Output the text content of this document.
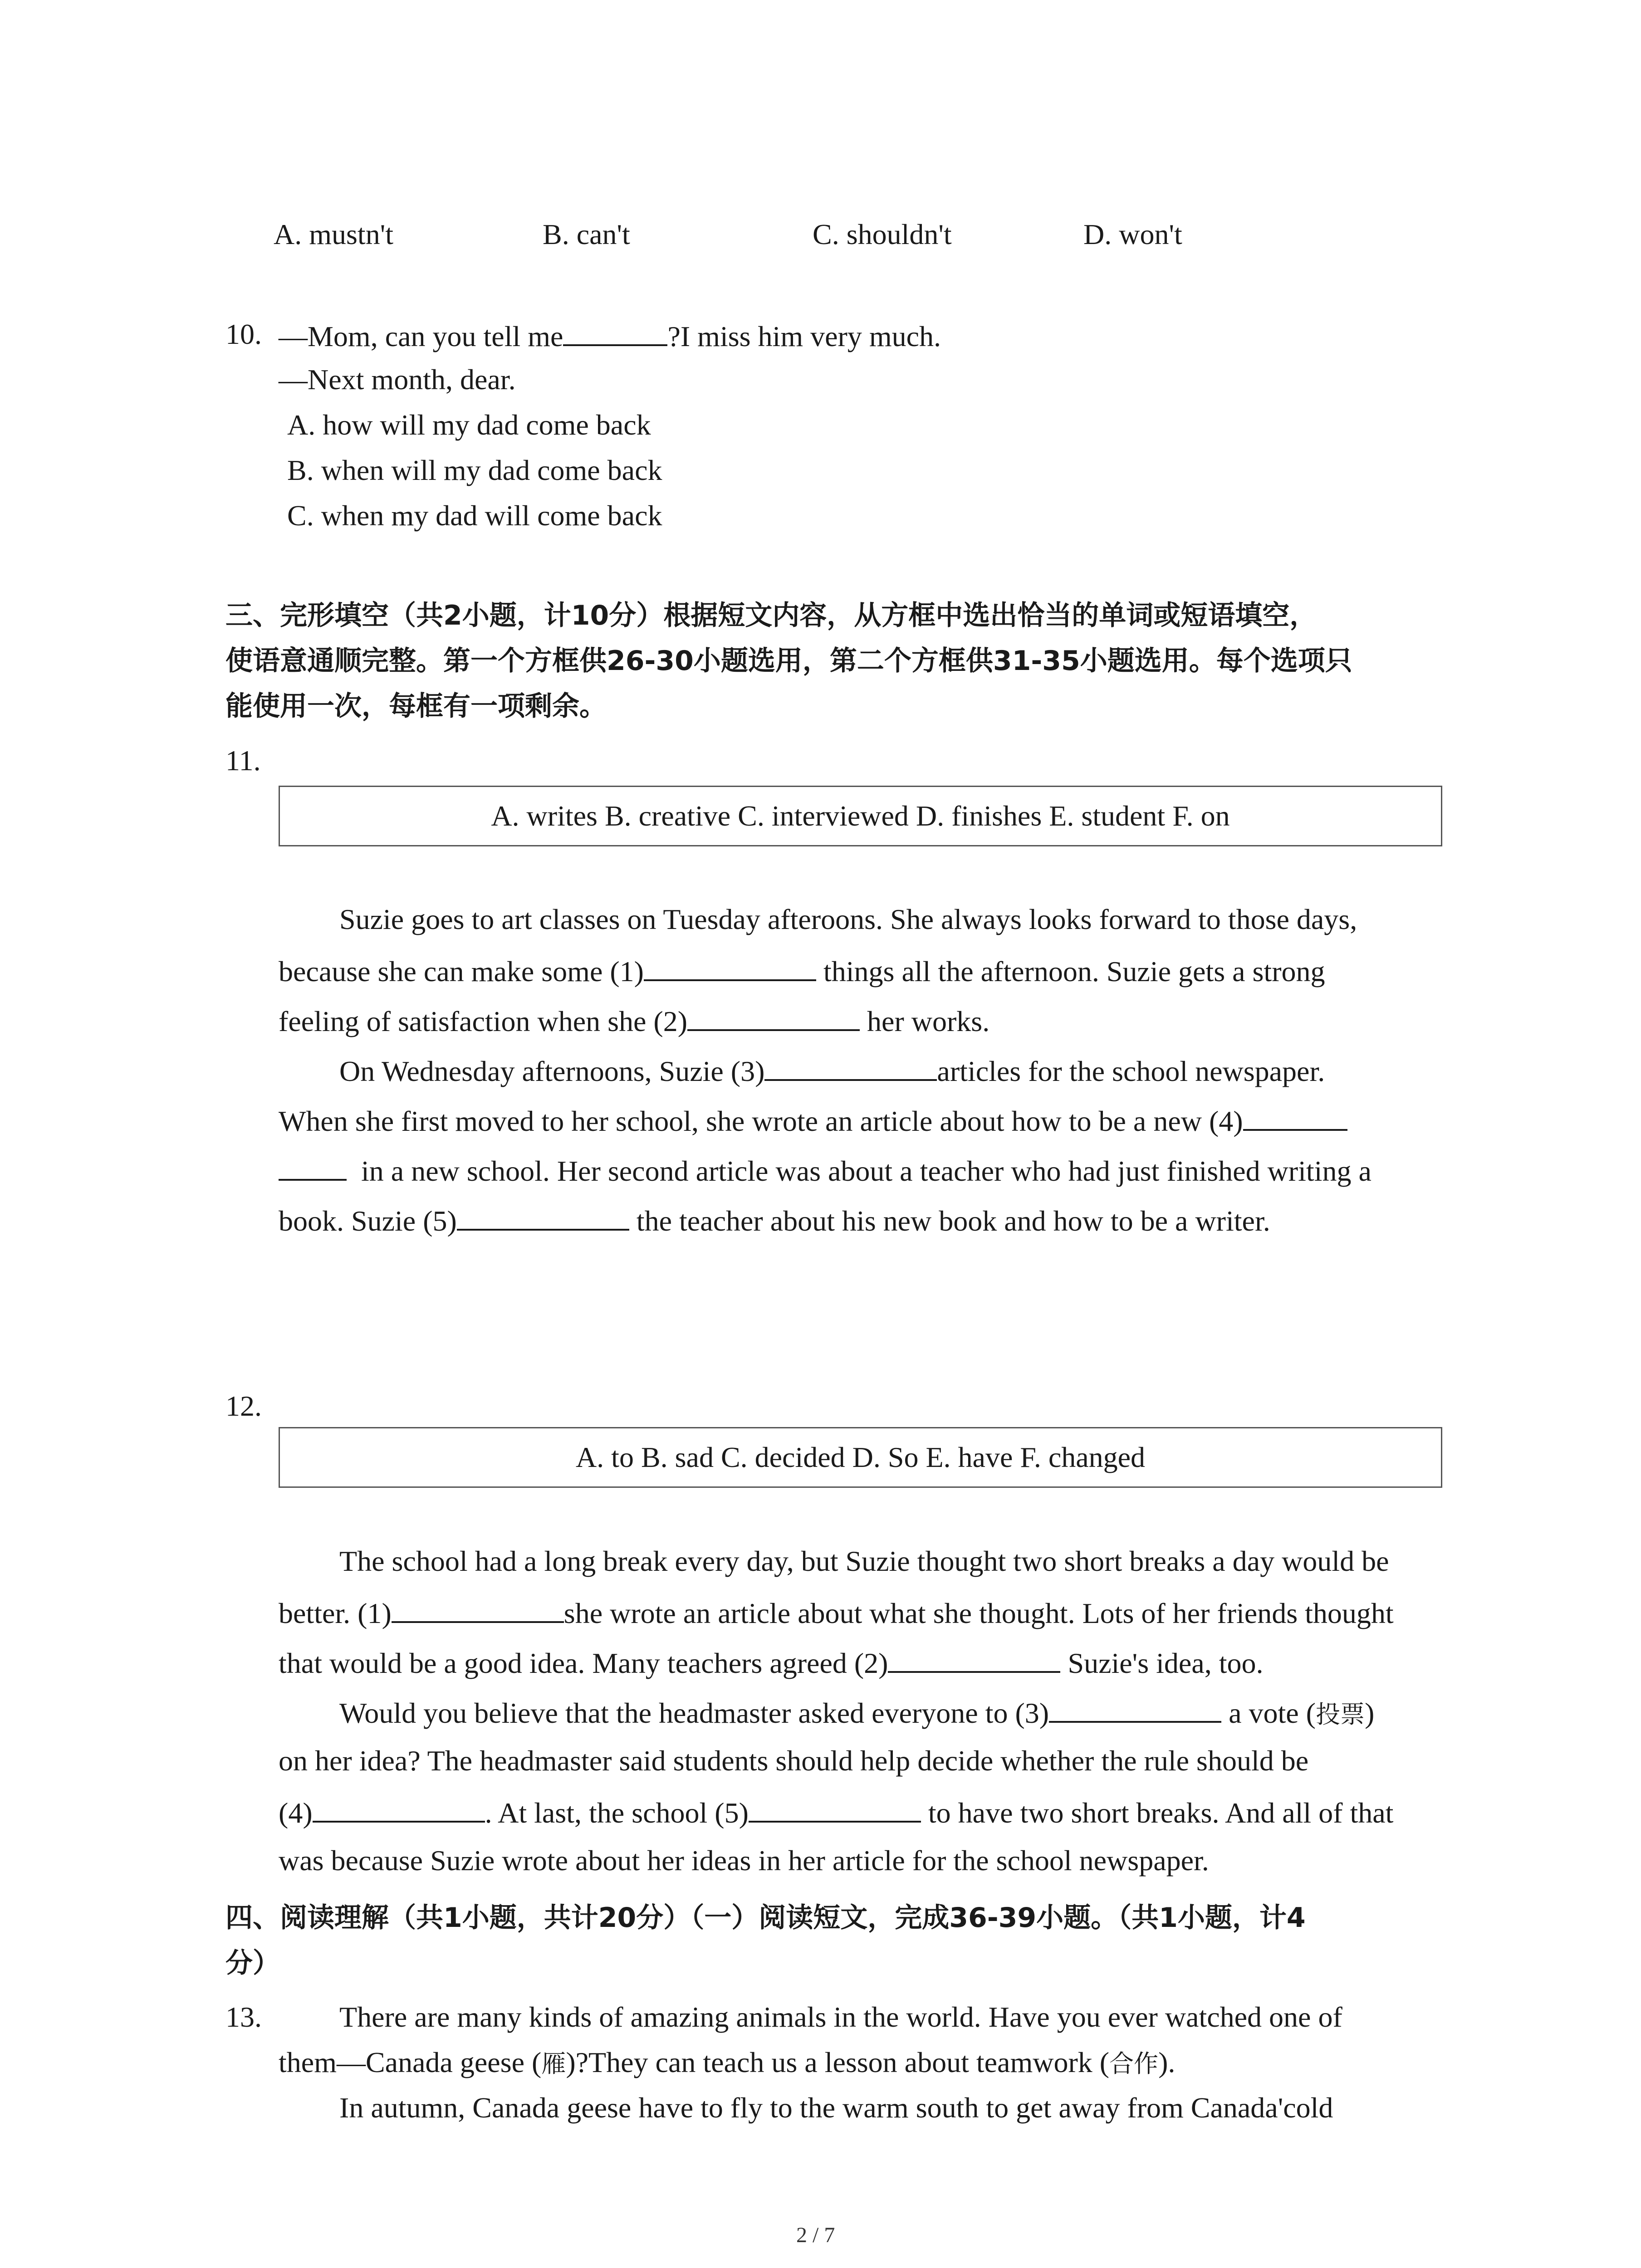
A. mustn't	B. can't	C. shouldn't	D. won't
10. —Mom, can you tell me	?I miss him very much.
—Next month, dear.
A. how will my dad come back
B. when will my dad come back
C. when my dad will come back
三、完形填空（共2小题，计10分）根据短文内容，从方框中选出恰当的单词或短语填空，
使语意通顺完整。第一个方框供26-30小题选用，第二个方框供31-35小题选用。每个选项只
能使用一次，每框有一项剩余。
11.
A. writes B. creative C. interviewed D. finishes E. student F. on
Suzie goes to art classes on Tuesday afteroons. She always looks forward to those days,
because she can make some (1)	things all the afternoon. Suzie gets a strong
feeling of satisfaction when she (2)	her works.
On Wednesday afternoons, Suzie (3)	articles for the school newspaper.
When she first moved to her school, she wrote an article about how to be a new (4)
in a new school. Her second article was about a teacher who had just finished writing a
book. Suzie (5)	the teacher about his new book and how to be a writer.
12.
A. to B. sad C. decided D. So E. have F. changed
The school had a long break every day, but Suzie thought two short breaks a day would be
better. (1)	she wrote an article about what she thought. Lots of her friends thought
that would be a good idea. Many teachers agreed (2)	Suzie's idea, too.
Would you believe that the headmaster asked everyone to (3)	a vote (投票)
on her idea? The headmaster said students should help decide whether the rule should be
(4)	. At last, the school (5)	to have two short breaks. And all of that
was because Suzie wrote about her ideas in her article for the school newspaper.
四、阅读理解（共1小题，共计20分）（一）阅读短文，完成36-39小题。（共1小题，计4
分）
13.	There are many kinds of amazing animals in the world. Have you ever watched one of
them—Canada geese (雁)?They can teach us a lesson about teamwork (合作).
In autumn, Canada geese have to fly to the warm south to get away from Canada'cold
2 / 7
